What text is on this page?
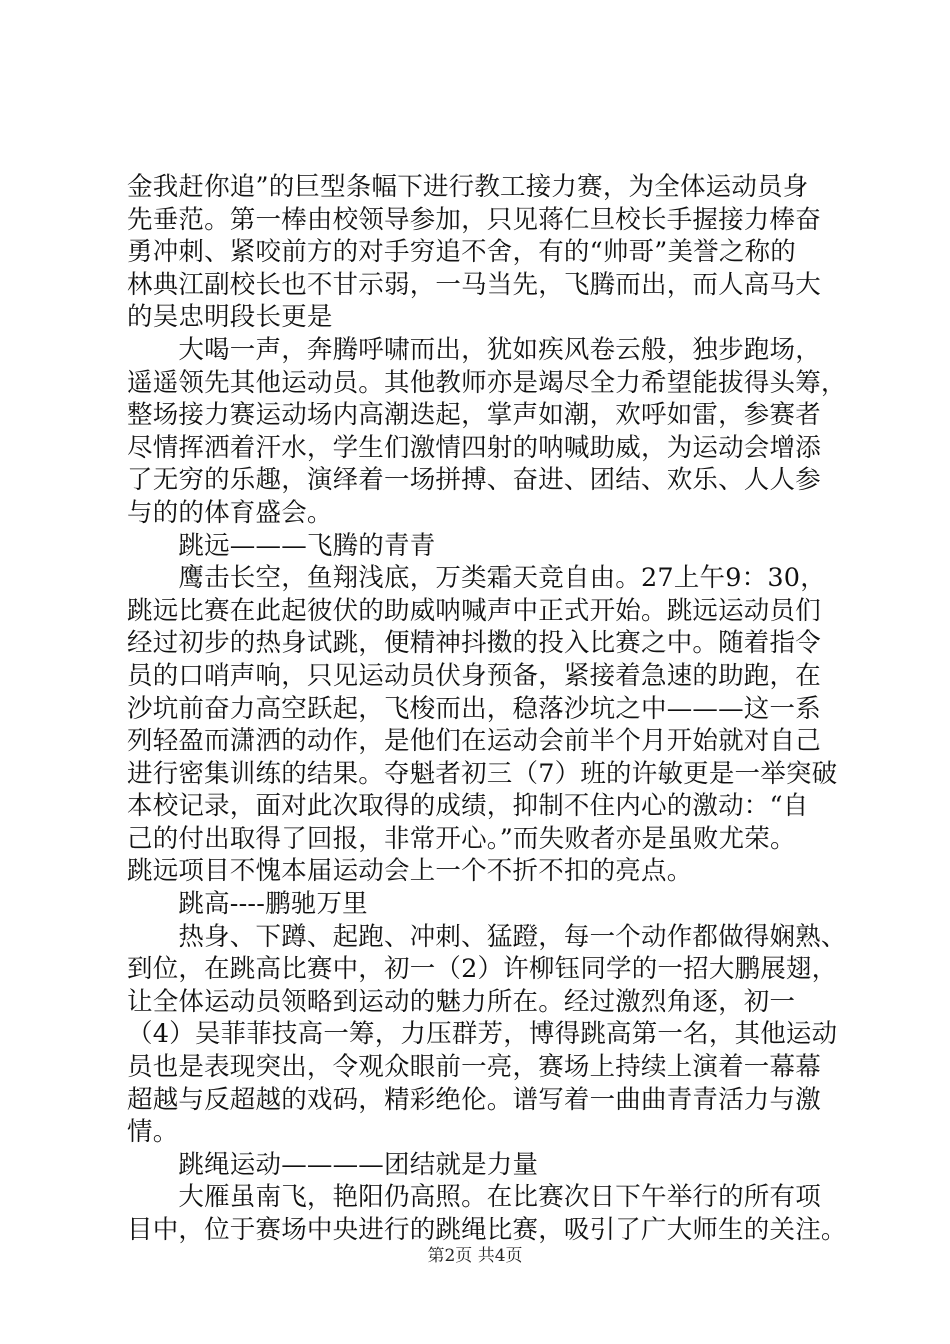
金我赶你追”的巨型条幅下进行教工接力赛，为全体运动员身
先垂范。第一棒由校领导参加，只见蒋仁旦校长手握接力棒奋
勇冲刺、紧咬前方的对手穷追不舍，有的“帅哥”美誉之称的
林典江副校长也不甘示弱，一马当先，飞腾而出，而人高马大
的吴忠明段长更是
　　大喝一声，奔腾呼啸而出，犹如疾风卷云般，独步跑场，
遥遥领先其他运动员。其他教师亦是竭尽全力希望能拔得头筹，
整场接力赛运动场内高潮迭起，掌声如潮，欢呼如雷，参赛者
尽情挥洒着汗水，学生们激情四射的呐喊助威，为运动会增添
了无穷的乐趣，演绎着一场拼搏、奋进、团结、欢乐、人人参
与的的体育盛会。
　　跳远———飞腾的青青
　　鹰击长空，鱼翔浅底，万类霜天竞自由。27上午9：30，
跳远比赛在此起彼伏的助威呐喊声中正式开始。跳远运动员们
经过初步的热身试跳，便精神抖擞的投入比赛之中。随着指令
员的口哨声响，只见运动员伏身预备，紧接着急速的助跑，在
沙坑前奋力高空跃起，飞梭而出，稳落沙坑之中———这一系
列轻盈而潇洒的动作，是他们在运动会前半个月开始就对自己
进行密集训练的结果。夺魁者初三（7）班的许敏更是一举突破
本校记录，面对此次取得的成绩，抑制不住内心的激动：“自
己的付出取得了回报，非常开心。”而失败者亦是虽败尤荣。
跳远项目不愧本届运动会上一个不折不扣的亮点。
　　跳高----鹏驰万里
　　热身、下蹲、起跑、冲刺、猛蹬，每一个动作都做得娴熟、
到位，在跳高比赛中，初一（2）许柳钰同学的一招大鹏展翅，
让全体运动员领略到运动的魅力所在。经过激烈角逐，初一
（4）吴菲菲技高一筹，力压群芳，博得跳高第一名，其他运动
员也是表现突出，令观众眼前一亮，赛场上持续上演着一幕幕
超越与反超越的戏码，精彩绝伦。谱写着一曲曲青青活力与激
情。
　　跳绳运动————团结就是力量
　　大雁虽南飞，艳阳仍高照。在比赛次日下午举行的所有项
目中，位于赛场中央进行的跳绳比赛，吸引了广大师生的关注。
第2页 共4页
